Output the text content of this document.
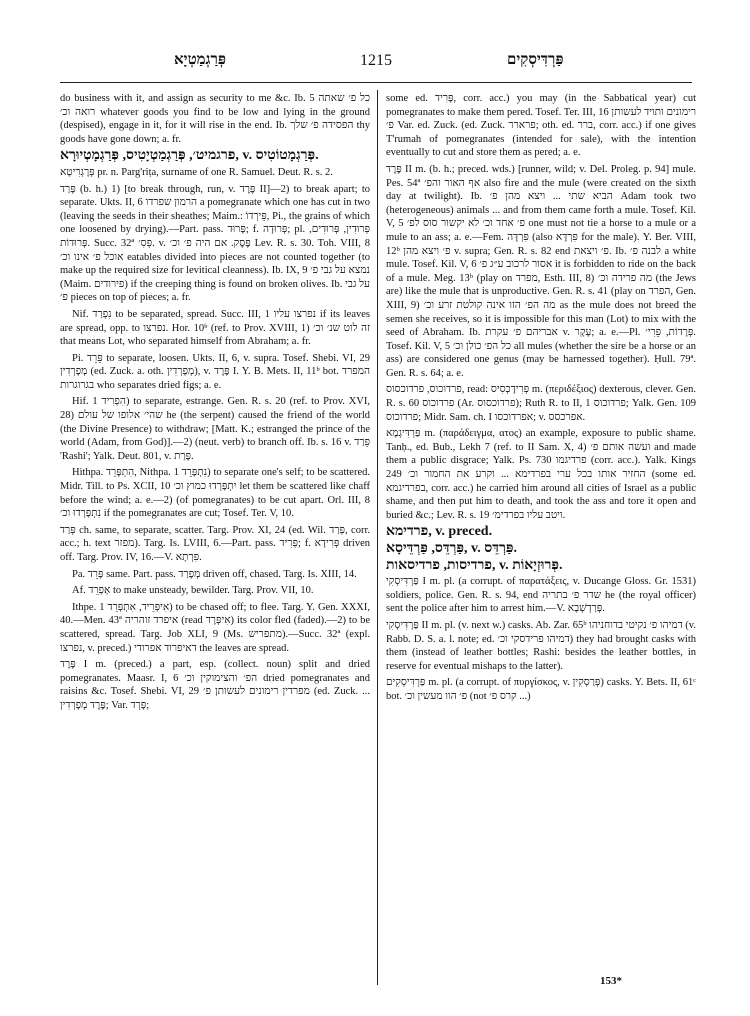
פְּרַגְמַטְיָא	1215	פַּרְדִּיסְקִים

do business with it, and assign as security to me &c. Ib. 5 כל פ׳ שאתה רואה וכ׳ whatever goods you find to be low and lying in the ground (despised), engage in it, for it will rise in the end. Ib. הפסידה פ׳ שלך thy goods have gone down; a. fr.

פרגמיט׳, פְּרַגְמַטְיָטִיס, פְּרַגְמָטְיוּרָא, v. פְּרַגְמָטוֹטִיס.

פְּרָגְרִיטָא pr. n. Parg'riṭa, surname of one R. Samuel. Deut. R. s. 2.

פָּרַד (b. h.) 1) [to break through, run, v. פֶּרֶד II]—2) to break apart; to separate. Ukts. II, 6 הרמון שפרדו a pomegranate which one has cut in two (leaving the seeds in their sheathes; Maim.: פֵּירְדוֹ, Pi., the grains of which one loosened by drying).—Part. pass. פָּרוּד; f. פְּרוּדָה; pl. פְּרוּדִין, פְּרוּדִים, פְּרוּדוֹת. Succ. 32ª פְּסִ׳. v. פֶּסֶק. אם היה פ׳ וכ׳ Lev. R. s. 30. Toh. VIII, 8 אוכל פ׳ אינו וכ׳ eatables divided into pieces are not counted together (to make up the required size for levitical cleanness). Ib. IX, 9 נמצא על גבי פ׳ (Maim. פירודים) if the creeping thing is found on broken olives. Ib. על גבי פ׳ pieces on top of pieces; a. fr.

Nif. נִפְרַד to be separated, spread. Succ. III, 1 נפרצו עליו if its leaves are spread, opp. to נפרצו. Hor. 10ᵇ (ref. to Prov. XVIII, 1) זה לוט שנ׳ וכ׳ that means Lot, who separated himself from Abraham; a. fr.

Pi. פֵּרֵד to separate, loosen. Ukts. II, 6, v. supra. Tosef. Shebi. VI, 29 מְפָרְדִין (ed. Zuck. a. oth. מְפָרְדִין), v. פֶּרֶד I. Y. B. Mets. II, 11ᵇ bot. המפרד בגרוגרות who separates dried figs; a. e.

Hif. הִפְרִיד 1) to separate, estrange. Gen. R. s. 20 (ref. to Prov. XVI, 28) שהי׳ אלופו של עולם he (the serpent) caused the friend of the world (the Divine Presence) to withdraw; [Matt. K.; estranged the prince of the world (Adam, from God)].—2) (neut. verb) to branch off. Ib. s. 16 v. פֵּרַד 'Rashi'; Yalk. Deut. 801, v. פָּרַת.

Hithpa. הִתְפָּרֵד, Nithpa. נִתְפָּרֵד 1) to separate one's self; to be scattered. Midr. Till. to Ps. XCII, 10 יִתְפָּרְדוּ כמוץ וכ׳ let them be scattered like chaff before the wind; a. e.—2) (of pomegranates) to be cut apart. Orl. III, 8 נִתְפָּרְדוּ וכ׳ if the pomegranates are cut; Tosef. Ter. V, 10.

פְּרַד ch. same, to separate, scatter. Targ. Prov. XI, 24 (ed. Wil. פְּרַד, corr. acc.; h. text מפזר). Targ. Is. LVIII, 6.—Part. pass. פְּרִיד; f. פְּרִידָא driven off. Targ. Prov. IV, 16.—V. פִּרְתָא.

Pa. פָּרֵד same. Part. pass. מְפָרַד driven off, chased. Targ. Is. XIII, 14.

Af. אַפְרֵד to make unsteady, bewilder. Targ. Prov. VII, 10.

Ithpe. אִיפְּרֵיד, אִתְפְּרֵד 1) to be chased off; to flee. Targ. Y. Gen. XXXI, 40.—Men. 43ª איפרד זוהריה (read אִיפְּרָד) its color fled (faded).—2) to be scattered, spread. Targ. Job XLI, 9 (Ms. מתפריש).—Succ. 32ª (expl. נפרצו, v. preced.) דאיפרוד אפרודי the leaves are spread.

פֶּרֶד I m. (preced.) a part, esp. (collect. noun) split and dried pomegranates. Maasr. I, 6 הפ׳ והצימוקין וכ׳ dried pomegranates and raisins &c. Tosef. Shebi. VI, 29 מפרדין רימונים לעשותן פ׳ (ed. Zuck. ... פֶּרֶד מְפָרְדִין; Var. פָּרְד;

some ed. פָּרִיד, corr. acc.) you may (in the Sabbatical year) cut pomegranates to make them pered. Tosef. Ter. III, 16 רימונים ותויד לעשותן פ׳ Var. ed. Zuck. (ed. Zuck. פרארר; oth. ed. ברר, corr. acc.) if one gives T'rumah of pomegranates (intended for sale), with the intention eventually to cut and store them as pered; a. e.

פֶּרֶד II m. (b. h.; preced. wds.) [runner, wild; v. Del. Proleg. p. 94] mule. Pes. 54ª אף האור והפ׳ also fire and the mule (were created on the sixth day at twilight). Ib. הביא שתי ... ויצא מהן פ׳ Adam took two (heterogeneous) animals ... and from them came forth a mule. Tosef. Kil. V, 5 פ׳ אחד וכ׳ לא יקשור סוס לפ׳ one must not tie a horse to a mule or a mule to an ass; a. e.—Fem. פִּרְדָּה (also פִּרְדָּא for the male). Y. Ber. VIII, 12ᵇ פ׳ ויצא מהן v. supra; Gen. R. s. 82 end פ׳ ויצאת. Ib. לבנה פ׳ a white mule. Tosef. Kil. V, 6 אסור לרכוב ע״ג פ׳ it is forbidden to ride on the back of a mule. Meg. 13ᵇ (play on מפרד, Esth. III, 8) מה פרידה וכ׳ (the Jews are) like the mule that is unproductive. Gen. R. s. 41 (play on הפרד, Gen. XIII, 9) מה הפ׳ הזו אינה קולטת זרע וכ׳ as the mule does not breed the semen she receives, so it is impossible for this man (Lot) to mix with the seed of Abraham. Ib. אבריהם פ׳ עקרת v. עָקָר; a. e.—Pl. פְּרָדוֹת, פֵּרִי׳. Tosef. Kil. V, 5 כל הפ׳ כולן וכ׳ all mules (whether the sire be a horse or an ass) are considered one genus (may be harnessed together). Ḥull. 79ª. Gen. R. s. 64; a. e.

פרדוכוס, פרדוכסוס, read: פְּרִידָכְסִיס m. (περιδέξιος) dexterous, clever. Gen. R. s. 60 פרדוכוס (Ar. פרדוכסוס); Ruth R. to II, 1 פרדוכוס; Yalk. Gen. 109 פרדוכוס; Midr. Sam. ch. I אפרדוכסו; v. אפרכסס.

פַּרְדִּיגְמָא m. (παράδειγμα, ατος) an example, exposure to public shame. Tanḥ., ed. Bub., Lekh 7 (ref. to II Sam. X, 4) ועשה אותם פ׳ and made them a public disgrace; Yalk. Ps. 730 פרדיגמו (corr. acc.). Yalk. Kings 249 החזיר אותו בכל ערי בפרדימא ... וקרע את החמור וכ׳ (some ed. בפרדיגמא, corr. acc.) he carried him around all cities of Israel as a public shame, and then put him to death, and took the ass and tore it open and buried &c.; Lev. R. s. 19 ויטב עליו בפרדימ׳.

פרדימא, v. preced.

פַּרְדֵּס, פַּרְדֵּיסָא, v. פַּרְדֵּס.

פרדיסות, פרדיסאות, v. פְּרוּזְיָאוֹת.

פַּרְדִּיסְקִי I m. pl. (a corrupt. of παρατάξεις, v. Ducange Gloss. Gr. 1531) soldiers, police. Gen. R. s. 94, end שדר פ׳ בתריה he (the royal officer) sent the police after him to arrest him.—V. פְּרַדְשְׁבָא.

פַּרְדִּיסְקִי II m. pl. (v. next w.) casks. Ab. Zar. 65ᵇ דמיהו פ׳ נקיטי בדוחניהו (v. Rabb. D. S. a. l. note; ed. דמיהו פרידסקי וכ׳) they had brought casks with them (instead of leather bottles; Rashi: besides the leather bottles, in reserve for eventual mishaps to the latter).

פַּרְדִּיסְקִים m. pl. (a corrupt. of πυργίσκος, v. פְּרַסְקִין) casks. Y. Bets. II, 61ᶜ bot. פ׳ הוו מעשין וכ׳ (not קרס פ׳ ...)

153*
